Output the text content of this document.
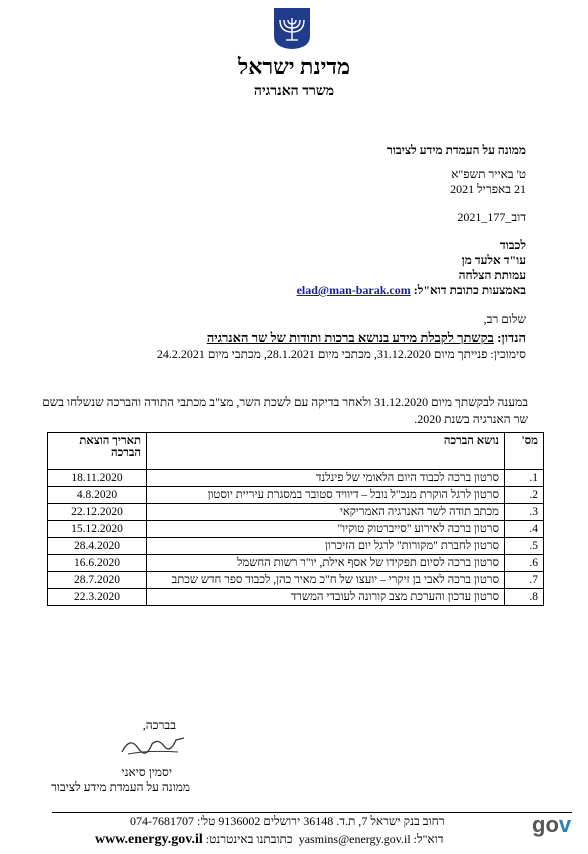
מדינת ישראל
משרד האנרגיה
ממונה על העמדת מידע לציבור
ט' באייר תשפ"א
21 באפריל 2021
דוב_177_2021
לכבוד
עו"ד אלעד מן
עמותת הצלחה
באמצעות כתובת דוא"ל: elad@man-barak.com
שלום רב,
הנדון: בקשתך לקבלת מידע בנושא ברכות ותודות של שר האנרגיה
סימוכין: פנייתך מיום 31.12.2020, מכתבי מיום 28.1.2021, מכתבי מיום 24.2.2021
במענה לבקשתך מיום 31.12.2020 ולאחר בדיקה עם לשכת השר, מצ"ב מכתבי התודה והברכה שנשלחו בשם שר האנרגיה בשנת 2020.
מס'	נושא הברכה	תאריך הוצאת הברכה
1.	סרטון ברכה לכבוד היום הלאומי של פינלנד	18.11.2020
2.	סרטון לרגל הוקרת מנכ"ל נובל – דיוויד סטובר במסגרת עיריית יוסטון	4.8.2020
3.	מכתב תודה לשר האנרגיה האמריקאי	22.12.2020
4.	סרטון ברכה לאירוע "סייברטוק טוקיו"	15.12.2020
5.	סרטון לחברת "מקורות" לרגל יום הזיכרון	28.4.2020
6.	סרטון ברכה לסיום תפקידו של אסף אילת, יו"ר רשות החשמל	16.6.2020
7.	סרטון ברכה לאבי בן זיקרי – יועצו של ח"כ מאיר כהן, לכבוד ספר חדש שכתב	28.7.2020
8.	סרטון עדכון והערכת מצב קורונה לעובדי המשרד	22.3.2020
בברכה,
יסמין סיאני
ממונה על העמדת מידע לציבור
רחוב בנק ישראל 7, ת.ד. 36148 ירושלים 9136002 טל': 074-7681707
דוא"ל: yasmins@energy.gov.il  כתובתנו באינטרנט: www.energy.gov.il
gov
